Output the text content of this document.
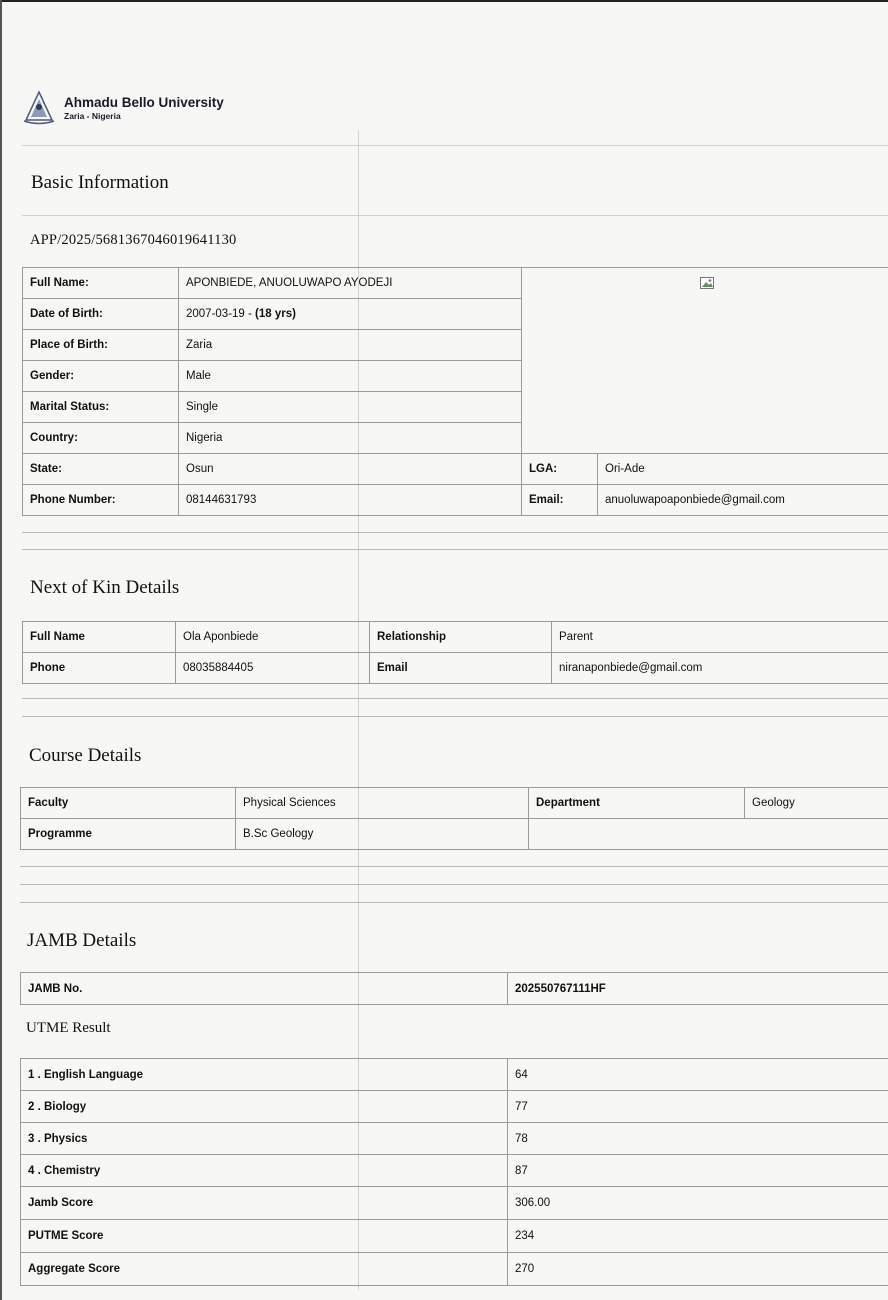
Ahmadu Bello University
Zaria - Nigeria
Basic Information
APP/2025/5681367046019641130
Full Name:	APONBIEDE, ANUOLUWAPO AYODEJI		
Date of Birth:	2007-03-19 - (18 yrs)		
Place of Birth:	Zaria		
Gender:	Male		
Marital Status:	Single		
Country:	Nigeria		
State:	Osun	LGA:	Ori-Ade
Phone Number:	08144631793	Email:	anuoluwapoaponbiede@gmail.com
Next of Kin Details
Full Name	Ola Aponbiede	Relationship	Parent
Phone	08035884405	Email	niranaponbiede@gmail.com
Course Details
Faculty	Physical Sciences	Department	Geology
Programme	B.Sc Geology		
JAMB Details
JAMB No.	202550767111HF
UTME Result
1 . English Language	64
2 . Biology	77
3 . Physics	78
4 . Chemistry	87
Jamb Score	306.00
PUTME Score	234
Aggregate Score	270
